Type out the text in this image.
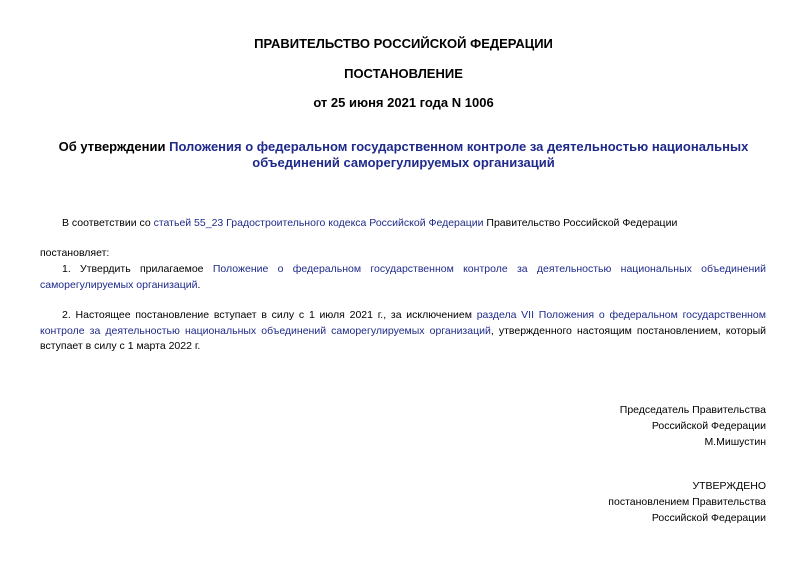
ПРАВИТЕЛЬСТВО РОССИЙСКОЙ ФЕДЕРАЦИИ
ПОСТАНОВЛЕНИЕ
от 25 июня 2021 года N 1006
Об утверждении Положения о федеральном государственном контроле за деятельностью национальных объединений саморегулируемых организаций
В соответствии со статьей 55_23 Градостроительного кодекса Российской Федерации Правительство Российской Федерации
постановляет:
1. Утвердить прилагаемое Положение о федеральном государственном контроле за деятельностью национальных объединений саморегулируемых организаций.
2. Настоящее постановление вступает в силу с 1 июля 2021 г., за исключением раздела VII Положения о федеральном государственном контроле за деятельностью национальных объединений саморегулируемых организаций, утвержденного настоящим постановлением, который вступает в силу с 1 марта 2022 г.
Председатель Правительства
Российской Федерации
М.Мишустин
УТВЕРЖДЕНО
постановлением Правительства
Российской Федерации
